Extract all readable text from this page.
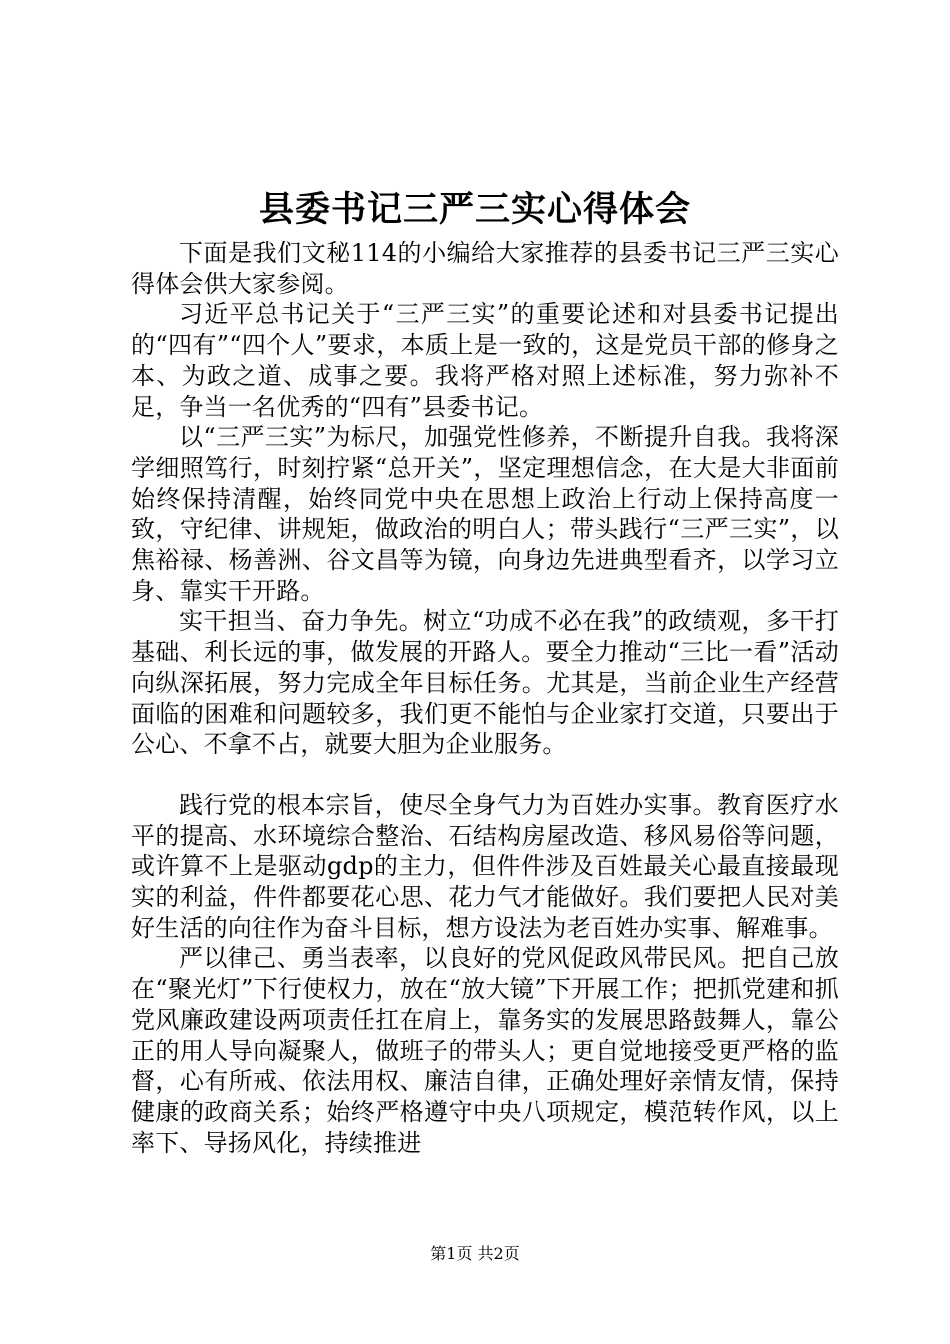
县委书记三严三实心得体会

下面是我们文秘114的小编给大家推荐的县委书记三严三实心得体会供大家参阅。

习近平总书记关于“三严三实”的重要论述和对县委书记提出的“四有”“四个人”要求，本质上是一致的，这是党员干部的修身之本、为政之道、成事之要。我将严格对照上述标准，努力弥补不足，争当一名优秀的“四有”县委书记。

以“三严三实”为标尺，加强党性修养，不断提升自我。我将深学细照笃行，时刻拧紧“总开关”，坚定理想信念，在大是大非面前始终保持清醒，始终同党中央在思想上政治上行动上保持高度一致，守纪律、讲规矩，做政治的明白人；带头践行“三严三实”，以焦裕禄、杨善洲、谷文昌等为镜，向身边先进典型看齐，以学习立身、靠实干开路。

实干担当、奋力争先。树立“功成不必在我”的政绩观，多干打基础、利长远的事，做发展的开路人。要全力推动“三比一看”活动向纵深拓展，努力完成全年目标任务。尤其是，当前企业生产经营面临的困难和问题较多，我们更不能怕与企业家打交道，只要出于公心、不拿不占，就要大胆为企业服务。

践行党的根本宗旨，使尽全身气力为百姓办实事。教育医疗水平的提高、水环境综合整治、石结构房屋改造、移风易俗等问题，或许算不上是驱动gdp的主力，但件件涉及百姓最关心最直接最现实的利益，件件都要花心思、花力气才能做好。我们要把人民对美好生活的向往作为奋斗目标，想方设法为老百姓办实事、解难事。

严以律己、勇当表率，以良好的党风促政风带民风。把自己放在“聚光灯”下行使权力，放在“放大镜”下开展工作；把抓党建和抓党风廉政建设两项责任扛在肩上，靠务实的发展思路鼓舞人，靠公正的用人导向凝聚人，做班子的带头人；更自觉地接受更严格的监督，心有所戒、依法用权、廉洁自律，正确处理好亲情友情，保持健康的政商关系；始终严格遵守中央八项规定，模范转作风，以上率下、导扬风化，持续推进

第1页 共2页
